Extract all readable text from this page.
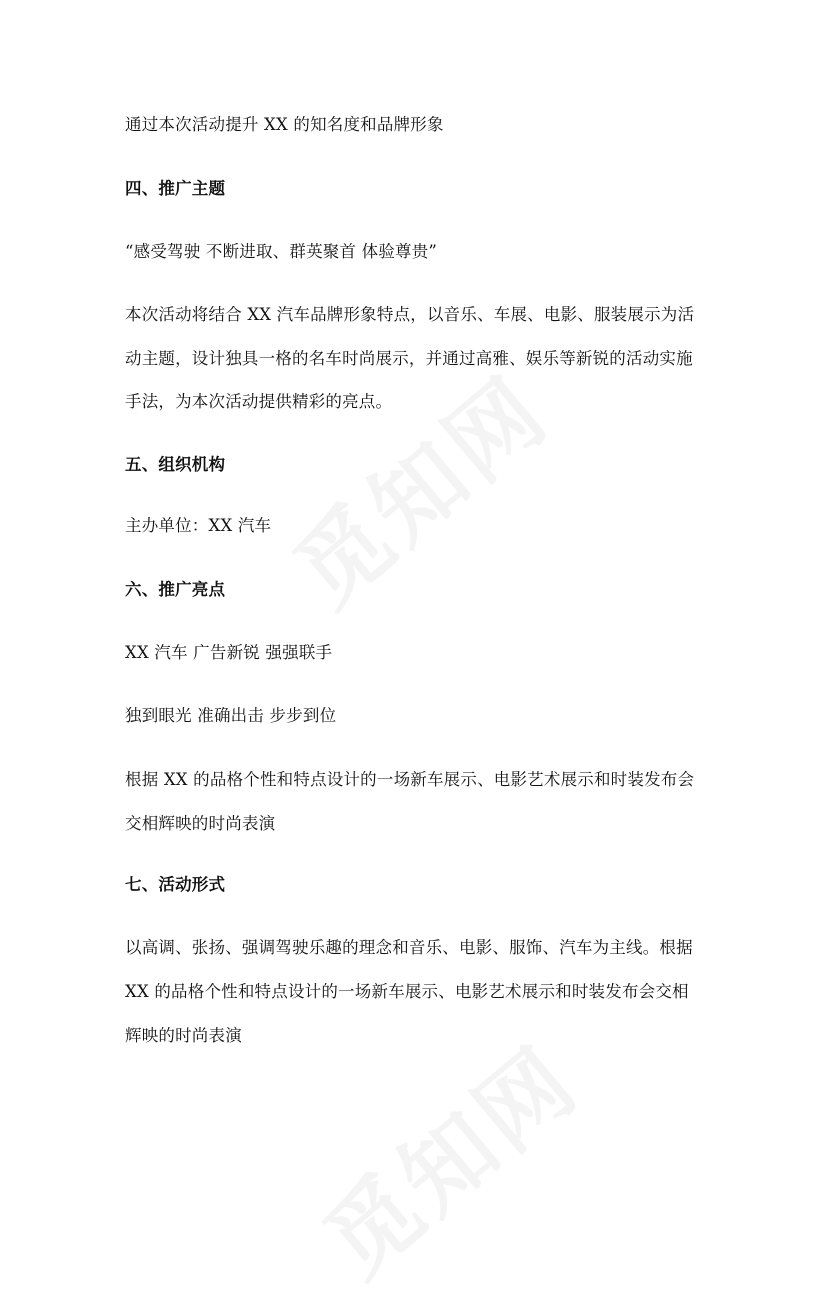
通过本次活动提升 XX 的知名度和品牌形象
四、推广主题
“感受驾驶 不断进取、群英聚首 体验尊贵”
本次活动将结合 XX 汽车品牌形象特点，以音乐、车展、电影、服装展示为活
动主题，设计独具一格的名车时尚展示，并通过高雅、娱乐等新锐的活动实施
手法，为本次活动提供精彩的亮点。
五、组织机构
主办单位：XX 汽车
六、推广亮点
XX 汽车 广告新锐 强强联手
独到眼光 准确出击 步步到位
根据 XX 的品格个性和特点设计的一场新车展示、电影艺术展示和时装发布会
交相辉映的时尚表演
七、活动形式
以高调、张扬、强调驾驶乐趣的理念和音乐、电影、服饰、汽车为主线。根据
XX 的品格个性和特点设计的一场新车展示、电影艺术展示和时装发布会交相
辉映的时尚表演
